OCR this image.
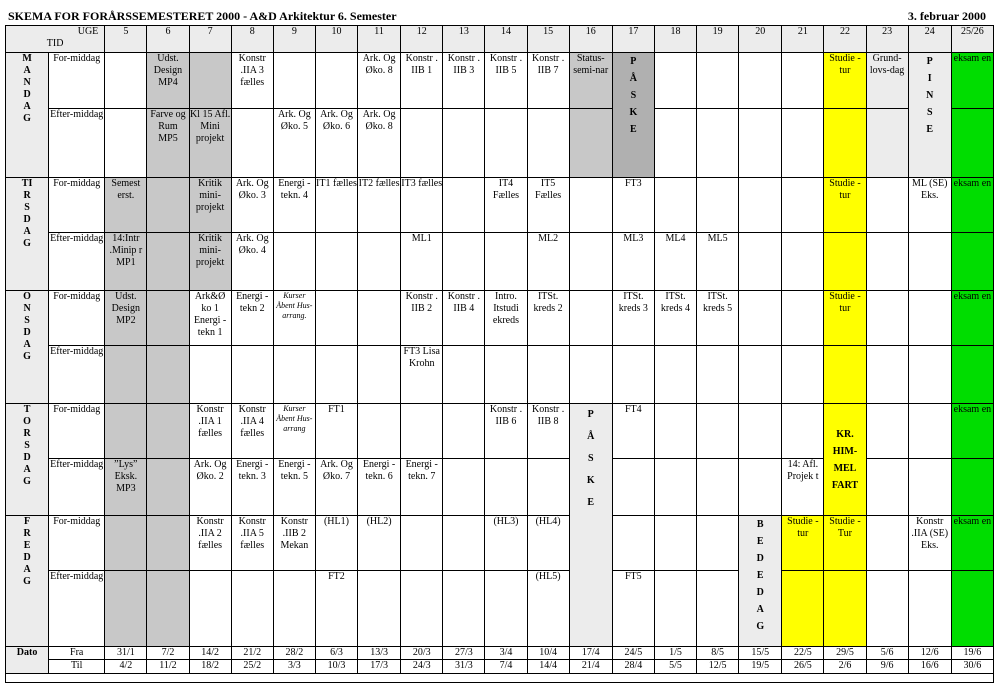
SKEMA FOR FORÅRSSEMESTERET 2000 - A&D Arkitektur 6. Semester	3. februar 2000
UGE

TID		5	6	7	8	9	10	11	12	13	14	15	16	17	18	19	20	21	22	23	24	25/26

MANDAG	For-middag		Udst. Design MP4		Konstr .IIA 3 fælles			Ark. Og Øko. 8	Konstr . IIB 1	Konstr . IIB 3	Konstr . IIB 5	Konstr . IIB 7	Status-semi-nar	PÅSKE					Studie - tur	Grund-lovs-dag	PINSE	eksam en
	Efter-middag		Farve og Rum MP5	Kl 15 Afl. Mini projekt		Ark. Og Øko. 5	Ark. Og Øko. 6	Ark. Og Øko. 8														

TIRSDAG	For-middag	Semest erst.		Kritik mini-projekt	Ark. Og Øko. 3	Energi -tekn. 4	IT1 fælles	IT2 fælles	IT3 fælles		IT4 Fælles	IT5 Fælles		FT3					Studie - tur		ML (SE) Eks.	eksam en
	Efter-middag	14:Intr .Minip r MP1		Kritik mini-projekt	Ark. Og Øko. 4				ML1			ML2		ML3	ML4	ML5						

ONSDAG	For-middag	Udst. Design MP2		Ark&Ø ko 1 Energi -tekn 1	Energi -tekn 2	Kurser Åbent Hus-arrang.			Konstr . IIB 2	Konstr . IIB 4	Intro. Itstudi ekreds	ITSt. kreds 2		ITSt. kreds 3	ITSt. kreds 4	ITSt. kreds 5			Studie - tur			eksam en
	Efter-middag								FT3 Lisa Krohn													

TORSDAG	For-middag			Konstr .IIA 1 fælles	Konstr .IIA 4 fælles	Kurser Åbent Hus-arrang	FT1				Konstr . IIB 6	Konstr . IIB 8	PÅSKE	FT4					KR. HIM-MEL FART			eksam en
	Efter-middag	”Lys” Eksk. MP3		Ark. Og Øko. 2	Energi -tekn. 3	Energi -tekn. 5	Ark. Og Øko. 7	Energi -tekn. 6	Energi -tekn. 7									14: Afl. Projek t				

FREDAG	For-middag			Konstr .IIA 2 fælles	Konstr .IIA 5 fælles	Konstr .IIB 2 Mekan	(HL1)	(HL2)			(HL3)	(HL4)					BEDEDAG	Studie - tur	Studie - Tur		Konstr .IIA (SE) Eks.	eksam en
	Efter-middag						FT2					(HL5)		FT5								
Dato	Fra	31/1	7/2	14/2	21/2	28/2	6/3	13/3	20/3	27/3	3/4	10/4	17/4	24/5	1/5	8/5	15/5	22/5	29/5	5/6	12/6	19/6
	Til	4/2	11/2	18/2	25/2	3/3	10/3	17/3	24/3	31/3	7/4	14/4	21/4	28/4	5/5	12/5	19/5	26/5	2/6	9/6	16/6	30/6
